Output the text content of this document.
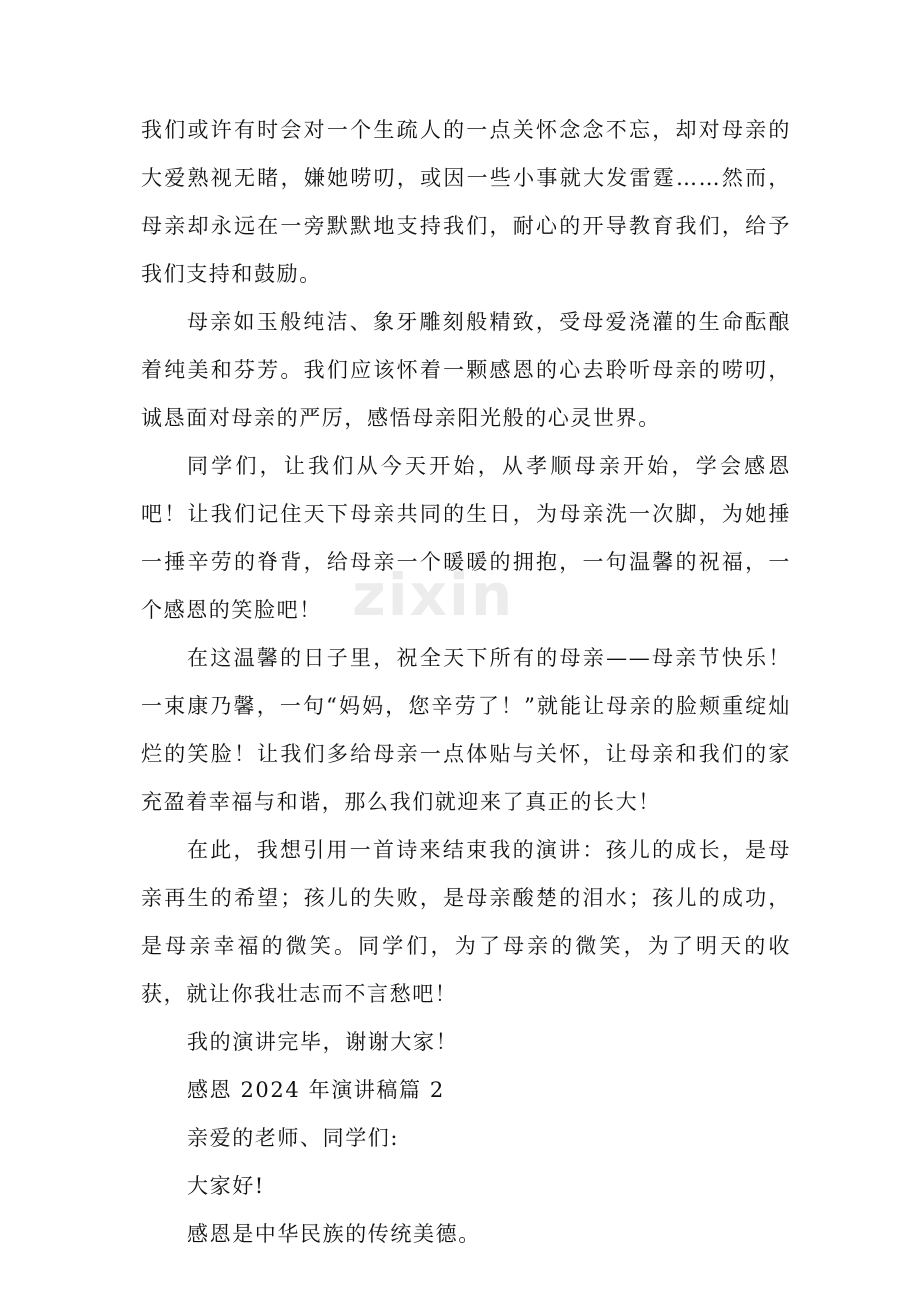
我们或许有时会对一个生疏人的一点关怀念念不忘，却对母亲的大爱熟视无睹，嫌她唠叨，或因一些小事就大发雷霆……然而，母亲却永远在一旁默默地支持我们，耐心的开导教育我们，给予我们支持和鼓励。

母亲如玉般纯洁、象牙雕刻般精致，受母爱浇灌的生命酝酿着纯美和芬芳。我们应该怀着一颗感恩的心去聆听母亲的唠叨，诚恳面对母亲的严厉，感悟母亲阳光般的心灵世界。

同学们，让我们从今天开始，从孝顺母亲开始，学会感恩吧！让我们记住天下母亲共同的生日，为母亲洗一次脚，为她捶一捶辛劳的脊背，给母亲一个暖暖的拥抱，一句温馨的祝福，一个感恩的笑脸吧！

在这温馨的日子里，祝全天下所有的母亲——母亲节快乐！一束康乃馨，一句“妈妈，您辛劳了！”就能让母亲的脸颊重绽灿烂的笑脸！让我们多给母亲一点体贴与关怀，让母亲和我们的家充盈着幸福与和谐，那么我们就迎来了真正的长大！

在此，我想引用一首诗来结束我的演讲：孩儿的成长，是母亲再生的希望；孩儿的失败，是母亲酸楚的泪水；孩儿的成功，是母亲幸福的微笑。同学们，为了母亲的微笑，为了明天的收获，就让你我壮志而不言愁吧！

我的演讲完毕，谢谢大家！

感恩 2024 年演讲稿篇 2

亲爱的老师、同学们:

大家好!

感恩是中华民族的传统美德。

zixin
